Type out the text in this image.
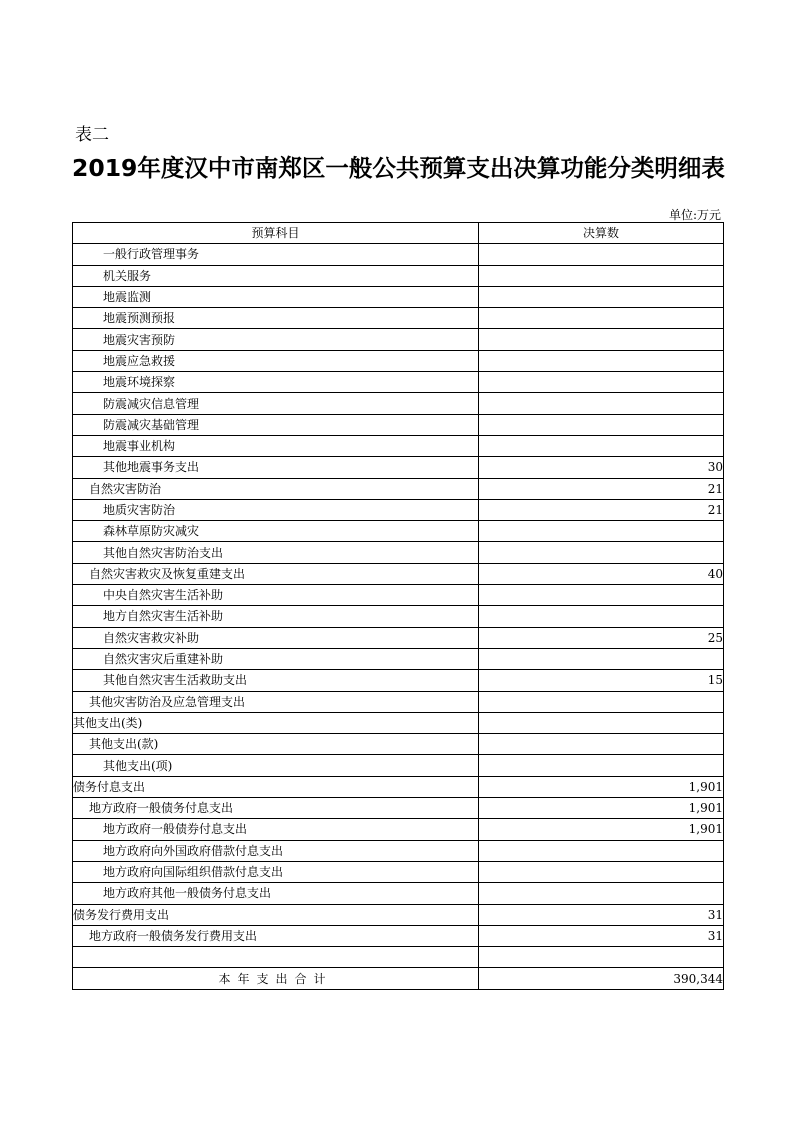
表二
2019年度汉中市南郑区一般公共预算支出决算功能分类明细表
单位:万元
预算科目	决算数
一般行政管理事务	
机关服务	
地震监测	
地震预测预报	
地震灾害预防	
地震应急救援	
地震环境探察	
防震减灾信息管理	
防震减灾基础管理	
地震事业机构	
其他地震事务支出	30
自然灾害防治	21
地质灾害防治	21
森林草原防灾减灾	
其他自然灾害防治支出	
自然灾害救灾及恢复重建支出	40
中央自然灾害生活补助	
地方自然灾害生活补助	
自然灾害救灾补助	25
自然灾害灾后重建补助	
其他自然灾害生活救助支出	15
其他灾害防治及应急管理支出	
其他支出(类)	
其他支出(款)	
其他支出(项)	
债务付息支出	1,901
地方政府一般债务付息支出	1,901
地方政府一般债券付息支出	1,901
地方政府向外国政府借款付息支出	
地方政府向国际组织借款付息支出	
地方政府其他一般债务付息支出	
债务发行费用支出	31
地方政府一般债务发行费用支出	31

本年支出合计	390,344
